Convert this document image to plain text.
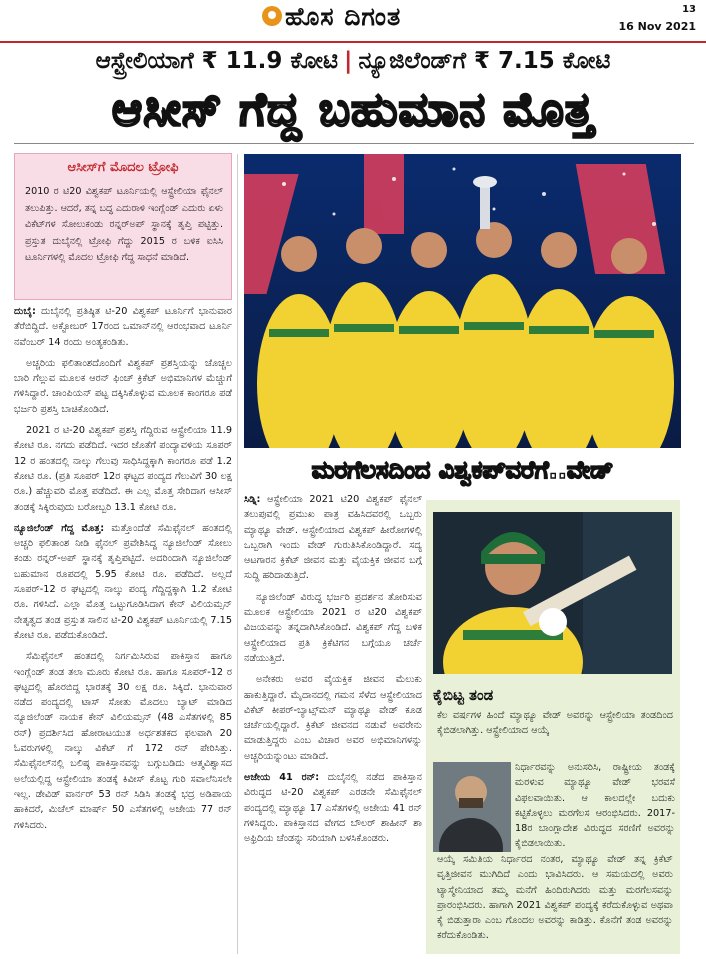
ಹೊಸ ದಿಗಂತ	13
16 Nov 2021
ಆಸ್ಟ್ರೇಲಿಯಾಗೆ ₹ 11.9 ಕೋಟಿ | ನ್ಯೂಜಿಲೆಂಡ್‌ಗೆ ₹ 7.15 ಕೋಟಿ
ಆಸೀಸ್ ಗೆದ್ದ ಬಹುಮಾನ ಮೊತ್ತ
ಆಸೀಸ್‌ಗೆ ಮೊದಲ ಟ್ರೋಫಿ
2010 ರ ಟಿ20 ವಿಶ್ವಕಪ್ ಟೂರ್ನಿಯಲ್ಲಿ ಆಸ್ಟ್ರೇಲಿಯಾ ಫೈನಲ್ ತಲುಪಿತ್ತು. ಆದರೆ, ತನ್ನ ಬದ್ಧ ಎದುರಾಳಿ ಇಂಗ್ಲೆಂಡ್ ಎದುರು ಏಳು ವಿಕೆಟ್‌ಗಳ ಸೋಲುಕಂಡು ರನ್ನರ್‌ಅಪ್ ಸ್ಥಾನಕ್ಕೆ ತೃಪ್ತಿ ಪಟ್ಟಿತ್ತು. ಪ್ರಸ್ತುತ ದುಬೈನಲ್ಲಿ ಟ್ರೋಫಿ ಗೆದ್ದು 2015 ರ ಬಳಿಕ ಐಸಿಸಿ ಟೂರ್ನಿಗಳಲ್ಲಿ ಮೊದಲ ಟ್ರೋಫಿ ಗೆದ್ದ ಸಾಧನೆ ಮಾಡಿದೆ.
ಮರಗೆಲಸದಿಂದ ವಿಶ್ವಕಪ್‌ವರೆಗೆ..ವೇಡ್

ದುಬೈ: ದುಬೈನಲ್ಲಿ ಪ್ರತಿಷ್ಠಿತ ಟಿ-20 ವಿಶ್ವಕಪ್ ಟೂರ್ನಿಗೆ ಭಾನುವಾರ ತೆರೆಬಿದ್ದಿದೆ. ಅಕ್ಟೋಬರ್ 17ರಂದ ಒಮಾನ್‌ನಲ್ಲಿ ಆರಂಭವಾದ ಟೂರ್ನಿ ನವೆಂಬರ್ 14 ರಂದು ಅಂತ್ಯಕಂಡಿತು.

ಅಚ್ಚರಿಯ ಫಲಿತಾಂಶದೊಂದಿಗೆ ವಿಶ್ವಕಪ್ ಪ್ರಶಸ್ತಿಯನ್ನು ಚೊಚ್ಚಲ ಬಾರಿ ಗೆಲ್ಲುವ ಮೂಲಕ ಆರನ್ ಫಿಂಚ್ ಕ್ರಿಕೆಟ್ ಅಭಿಮಾನಿಗಳ ಮೆಚ್ಚುಗೆ ಗಳಿಸಿದ್ದಾರೆ. ಚಾಂಪಿಯನ್ ಪಟ್ಟ ದಕ್ಕಿಸಿಕೊಳ್ಳುವ ಮೂಲಕ ಕಾಂಗರೂ ಪಡೆ ಭರ್ಜರಿ ಪ್ರಶಸ್ತಿ ಬಾಚಿಕೊಂಡಿದೆ.

2021 ರ ಟಿ-20 ವಿಶ್ವಕಪ್ ಪ್ರಶಸ್ತಿ ಗೆದ್ದಿರುವ ಆಸ್ಟ್ರೇಲಿಯಾ 11.9 ಕೋಟಿ ರೂ. ನಗದು ಪಡೆದಿದೆ. ಇದರ ಜೊತೆಗೆ ಪಂದ್ಯಾವಳಿಯ ಸೂಪರ್ 12 ರ ಹಂತದಲ್ಲಿ ನಾಲ್ಕು ಗೆಲುವು ಸಾಧಿಸಿದ್ದಕ್ಕಾಗಿ ಕಾಂಗರೂ ಪಡೆ 1.2 ಕೋಟಿ ರೂ. (ಪ್ರತಿ ಸೂಪರ್ 12ರ ಘಟ್ಟದ ಪಂದ್ಯದ ಗೆಲುವಿಗೆ 30 ಲಕ್ಷ ರೂ.) ಹೆಚ್ಚುವರಿ ಮೊತ್ತ ಪಡೆದಿದೆ. ಈ ಎಲ್ಲ ಮೊತ್ತ ಸೇರಿದಾಗ ಆಸೀಸ್ ತಂಡಕ್ಕೆ ಸಿಕ್ಕಿರುವುದು ಬರೋಬ್ಬರಿ 13.1 ಕೋಟಿ ರೂ.

ನ್ಯೂಜಿಲೆಂಡ್ ಗೆದ್ದ ಮೊತ್ತ: ಮತ್ತೊಂದೆಡೆ ಸೆಮಿಫೈನಲ್ ಹಂತದಲ್ಲಿ ಅಚ್ಚರಿ ಫಲಿತಾಂಶ ನೀಡಿ ಫೈನಲ್ ಪ್ರವೇಶಿಸಿದ್ದ ನ್ಯೂಜಿಲೆಂಡ್ ಸೋಲು ಕಂಡು ರನ್ನರ್-ಅಪ್ ಸ್ಥಾನಕ್ಕೆ ತೃಪ್ತಿಪಟ್ಟಿದೆ. ಅದರಿಂದಾಗಿ ನ್ಯೂಜಿಲೆಂಡ್ ಬಹುಮಾನ ರೂಪದಲ್ಲಿ 5.95 ಕೋಟಿ ರೂ. ಪಡೆದಿದೆ. ಅಲ್ಲದೆ ಸೂಪರ್-12 ರ ಘಟ್ಟದಲ್ಲಿ ನಾಲ್ಕು ಪಂದ್ಯ ಗೆದ್ದಿದ್ದಕ್ಕಾಗಿ 1.2 ಕೋಟಿ ರೂ. ಗಳಿಸಿದೆ. ಎಲ್ಲಾ ಮೊತ್ತ ಒಟ್ಟುಗೂಡಿಸಿದಾಗ ಕೇನ್ ವಿಲಿಯಮ್ಸನ್ ನೇತೃತ್ವದ ತಂಡ ಪ್ರಸ್ತುತ ಸಾಲಿನ ಟಿ-20 ವಿಶ್ವಕಪ್ ಟೂರ್ನಿಯಲ್ಲಿ 7.15 ಕೋಟಿ ರೂ. ಪಡೆದುಕೊಂಡಿದೆ.

ಸೆಮಿಫೈನಲ್ ಹಂತದಲ್ಲಿ ನಿರ್ಗಮಿಸಿರುವ ಪಾಕಿಸ್ತಾನ ಹಾಗೂ ಇಂಗ್ಲೆಂಡ್ ತಂಡ ತಲಾ ಮೂರು ಕೋಟಿ ರೂ. ಹಾಗೂ ಸೂಪರ್-12 ರ ಘಟ್ಟದಲ್ಲಿ ಹೊರಬಿದ್ದ ಭಾರತಕ್ಕೆ 30 ಲಕ್ಷ ರೂ. ಸಿಕ್ಕಿದೆ. ಭಾನುವಾರ ನಡೆದ ಪಂದ್ಯದಲ್ಲಿ ಟಾಸ್ ಸೋತು ಮೊದಲು ಬ್ಯಾಟ್ ಮಾಡಿದ ನ್ಯೂಜಿಲೆಂಡ್ ನಾಯಕ ಕೇನ್ ವಿಲಿಯಮ್ಸನ್ (48 ಎಸೆತಗಳಲ್ಲಿ 85 ರನ್) ಪ್ರದರ್ಶಿಸಿದ ಹೋರಾಟಯುತ ಅರ್ಧಶತಕದ ಫಲವಾಗಿ 20 ಓವರುಗಳಲ್ಲಿ ನಾಲ್ಕು ವಿಕೆಟ್ ಗೆ 172 ರನ್ ಪೇರಿಸಿತ್ತು. ಸೆಮಿಫೈನಲ್‌ನಲ್ಲಿ ಬಲಿಷ್ಠ ಪಾಕಿಸ್ತಾನವನ್ನು ಬಗ್ಗುಬಡಿದು ಆತ್ಮವಿಶ್ವಾಸದ ಅಲೆಯಲ್ಲಿದ್ದ ಆಸ್ಟ್ರೇಲಿಯಾ ತಂಡಕ್ಕೆ ಕಿವೀಸ್ ಕೊಟ್ಟ ಗುರಿ ಸವಾಲೆನಿಸಲೇ ಇಲ್ಲ. ಡೇವಿಡ್ ವಾರ್ನರ್ 53 ರನ್ ಸಿಡಿಸಿ ತಂಡಕ್ಕೆ ಭದ್ರ ಅಡಿಪಾಯ ಹಾಕಿದರೆ, ಮಿಚೆಲ್ ಮಾರ್ಷ್ 50 ಎಸೆತಗಳಲ್ಲಿ ಅಜೇಯ 77 ರನ್ ಗಳಿಸಿದರು.

ಸಿಡ್ನಿ: ಆಸ್ಟ್ರೇಲಿಯಾ 2021 ಟಿ20 ವಿಶ್ವಕಪ್ ಫೈನಲ್ ತಲುಪುವಲ್ಲಿ ಪ್ರಮುಖ ಪಾತ್ರ ವಹಿಸಿದವರಲ್ಲಿ ಒಬ್ಬರು ಮ್ಯಾಥ್ಯೂ ವೇಡ್. ಆಸ್ಟ್ರೇಲಿಯಾದ ವಿಶ್ವಕಪ್ ಹೀರೋಗಳಲ್ಲಿ ಒಬ್ಬರಾಗಿ ಇಂದು ವೇಡ್ ಗುರುತಿಸಿಕೊಂಡಿದ್ದಾರೆ. ಸದ್ಯ ಆಟಗಾರನ ಕ್ರಿಕೆಟ್ ಜೀವನ ಮತ್ತು ವೈಯಕ್ತಿಕ ಜೀವನ ಬಗ್ಗೆ ಸುದ್ದಿ ಹರಿದಾಡುತ್ತಿದೆ.

ನ್ಯೂಜಿಲೆಂಡ್ ವಿರುದ್ಧ ಭರ್ಜರಿ ಪ್ರದರ್ಶನ ತೋರಿಸುವ ಮೂಲಕ ಆಸ್ಟ್ರೇಲಿಯಾ 2021 ರ ಟಿ20 ವಿಶ್ವಕಪ್ ವಿಜಯವನ್ನು ತನ್ನದಾಗಿಸಿಕೊಂಡಿದೆ. ವಿಶ್ವಕಪ್ ಗೆದ್ದ ಬಳಿಕ ಆಸ್ಟ್ರೇಲಿಯಾದ ಪ್ರತಿ ಕ್ರಿಕೆಟಿಗನ ಬಗ್ಗೆಯೂ ಚರ್ಚೆ ನಡೆಯುತ್ತಿದೆ.

ಅನೇಕರು ಅವರ ವೈಯಕ್ತಿಕ ಜೀವನ ಮೆಲುಕು ಹಾಕುತ್ತಿದ್ದಾರೆ. ಮೈದಾನದಲ್ಲಿ ಗಮನ ಸೆಳೆದ ಆಸ್ಟ್ರೇಲಿಯಾದ ವಿಕೆಟ್ ಕೀಪರ್-ಬ್ಯಾಟ್ಸ್‌ಮನ್ ಮ್ಯಾಥ್ಯೂ ವೇಡ್ ಕೂಡ ಚರ್ಚೆಯಲ್ಲಿದ್ದಾರೆ. ಕ್ರಿಕೆಟ್ ಜೀವನದ ನಡುವೆ ಅವರೇನು ಮಾಡುತ್ತಿದ್ದರು ಎಂಬ ವಿಚಾರ ಅವರ ಅಭಿಮಾನಿಗಳನ್ನು ಅಚ್ಚರಿಯನ್ನುಂಟು ಮಾಡಿದೆ.

ಅಜೇಯ 41 ರನ್: ದುಬೈನಲ್ಲಿ ನಡೆದ ಪಾಕಿಸ್ತಾನ ವಿರುದ್ಧದ ಟಿ-20 ವಿಶ್ವಕಪ್ ಎರಡನೇ ಸೆಮಿಫೈನಲ್ ಪಂದ್ಯದಲ್ಲಿ ಮ್ಯಾಥ್ಯೂ 17 ಎಸೆತಗಳಲ್ಲಿ ಅಜೇಯ 41 ರನ್ ಗಳಿಸಿದ್ದರು. ಪಾಕಿಸ್ತಾನದ ವೇಗದ ಬೌಲರ್ ಶಾಹೀನ್ ಶಾ ಅಫ್ರಿದಿಯ ಚೆಂಡನ್ನು ಸರಿಯಾಗಿ ಬಳಸಿಕೊಂಡರು.

ಕೈಬಿಟ್ಟ ತಂಡ
ಕೆಲ ವರ್ಷಗಳ ಹಿಂದೆ ಮ್ಯಾಥ್ಯೂ ವೇಡ್ ಅವರನ್ನು ಆಸ್ಟ್ರೇಲಿಯಾ ತಂಡದಿಂದ ಕೈಬಿಡಲಾಗಿತ್ತು. ಆಸ್ಟ್ರೇಲಿಯಾದ ಆಯ್ಕೆ
ನಿರ್ಧಾರವನ್ನು ಅನುಸರಿಸಿ, ರಾಷ್ಟ್ರೀಯ ತಂಡಕ್ಕೆ ಮರಳುವ ಮ್ಯಾಥ್ಯೂ ವೇಡ್ ಭರವಸೆ ವಿಫಲವಾಯಿತು. ಆ ಕಾಲದಲ್ಲೇ ಬದುಕು ಕಟ್ಟಿಕೊಳ್ಳಲು ಮರಗೆಲಸ ಆರಂಭಿಸಿದರು. 2017-18ರ ಬಾಂಗ್ಲಾದೇಶ ವಿರುದ್ಧದ ಸರಣಿಗೆ ಅವರನ್ನು ಕೈಬಿಡಲಾಯಿತು.
ಆಯ್ಕೆ ಸಮಿತಿಯ ನಿರ್ಧಾರದ ನಂತರ, ಮ್ಯಾಥ್ಯೂ ವೇಡ್ ತನ್ನ ಕ್ರಿಕೆಟ್ ವೃತ್ತಿಜೀವನ ಮುಗಿದಿದೆ ಎಂದು ಭಾವಿಸಿದರು. ಆ ಸಮಯದಲ್ಲಿ ಅವರು ಟ್ಯಾಸ್ಮೇನಿಯಾದ ತಮ್ಮ ಮನೆಗೆ ಹಿಂದಿರುಗಿದರು ಮತ್ತು ಮರಗೆಲಸವನ್ನು ಪ್ರಾರಂಭಿಸಿದರು. ಹಾಗಾಗಿ 2021 ವಿಶ್ವಕಪ್ ಪಂದ್ಯಕ್ಕೆ ಕರೆದುಕೊಳ್ಳುವ ಅಥವಾ ಕೈ ಬಿಡುತ್ತಾರಾ ಎಂಬ ಗೊಂದಲ ಅವರನ್ನು ಕಾಡಿತ್ತು. ಕೊನೆಗೆ ತಂಡ ಅವರನ್ನು ಕರೆದುಕೊಂಡಿತು.
